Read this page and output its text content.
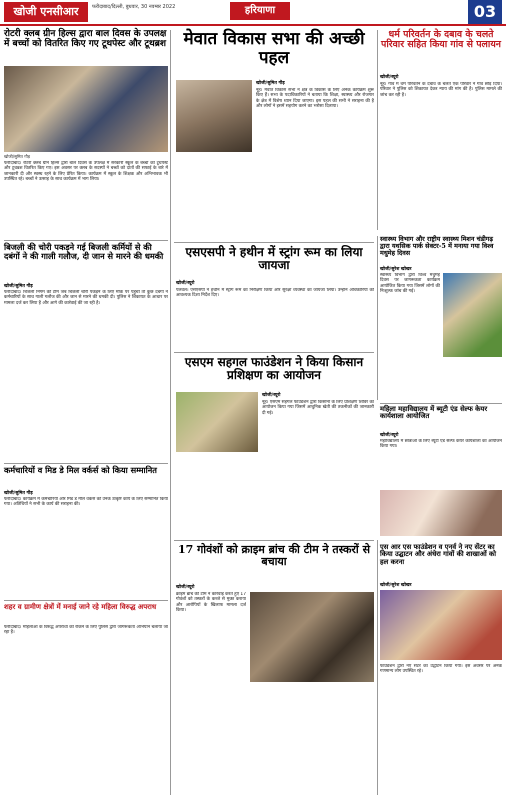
खोजी एनसीआर	फरीदाबाद/दिल्ली, बुधवार, 30 नवम्बर 2022	हरियाणा	03
रोटरी क्लब ग्रीन हिल्स द्वारा बाल दिवस के उपलक्ष में बच्चों को वितरित किए गए टूथपेस्ट और टूथब्रश
खोजी/सुमित गौड़
फरीदाबाद। रोटरी क्लब ग्रीन हिल्स द्वारा बाल दिवस के उपलक्ष में सरकारी स्कूल के बच्चों को टूथपेस्ट और टूथब्रश वितरित किए गए। इस अवसर पर क्लब के सदस्यों ने बच्चों को दांतों की सफाई के बारे में जानकारी दी और स्वस्थ रहने के लिए प्रेरित किया। कार्यक्रम में स्कूल के शिक्षक और अभिभावक भी उपस्थित रहे। बच्चों ने उत्साह के साथ कार्यक्रम में भाग लिया।
बिजली की चोरी पकड़ने गई बिजली कर्मियों से की दबंगों ने की गाली गलौज, दी जान से मारने की धमकी
खोजी/सुमित गौड़
फरीदाबाद। बिजली निगम की टीम जब बिजली चोरी पकड़ने के लिए मौके पर पहुंची तो कुछ दबंगों ने कर्मचारियों के साथ गाली गलौज की और जान से मारने की धमकी दी। पुलिस ने शिकायत के आधार पर मामला दर्ज कर लिया है और आगे की कार्रवाई की जा रही है।
कर्मचारियों व मिड डे मिल वर्कर्स को किया सम्मानित
खोजी/सुमित गौड़
फरीदाबाद। कार्यक्रम में कर्मचारियों और मिड डे मील वर्कर्स को उनके उत्कृष्ट कार्य के लिए सम्मानित किया गया। अतिथियों ने सभी के कार्य की सराहना की।
शहर व ग्रामीण क्षेत्रों में मनाई जाने रहे महिला विरुद्ध अपराध
फरीदाबाद। महिलाओं के विरुद्ध अपराधों को रोकने के लिए पुलिस द्वारा जागरूकता अभियान चलाया जा रहा है।
मेवात विकास सभा की अच्छी पहल
खोजी/सुमित गौड़
नूंह। मेवात विकास सभा ने क्षेत्र के विकास के लिए अनेक कार्यक्रम शुरू किए हैं। सभा के पदाधिकारियों ने बताया कि शिक्षा, स्वास्थ्य और रोजगार के क्षेत्र में विशेष ध्यान दिया जाएगा। इस पहल की सभी ने सराहना की है और लोगों ने इसमें सहयोग करने का भरोसा दिलाया।
धर्म परिवर्तन के दबाव के चलते परिवार सहित किया गांव से पलायन
खोजी/ब्यूरो
नूंह। गांव में धर्म परिवर्तन के दबाव के चलते एक परिवार ने गांव छोड़ दिया। परिवार ने पुलिस को शिकायत देकर न्याय की मांग की है। पुलिस मामले की जांच कर रही है।
एसएसपी ने हथीन में स्ट्रांग रूम का लिया जायजा
खोजी/ब्यूरो
पलवल। एसएसपी ने हथीन में स्ट्रांग रूम का निरीक्षण किया और सुरक्षा व्यवस्था का जायजा लिया। उन्होंने अधिकारियों को आवश्यक दिशा निर्देश दिए।
स्वास्थ्य विभाग और राष्ट्रीय स्वास्थ्य मिशन चंडीगढ़ द्वारा यथसिक पार्क सेक्टर-5 में मनाया गया विश्व मधुमेह दिवस
खोजी/सुरेश खोखर
स्वास्थ्य विभाग द्वारा विश्व मधुमेह दिवस पर जागरूकता कार्यक्रम आयोजित किया गया जिसमें लोगों की निःशुल्क जांच की गई।
एसएम सहगल फाउंडेशन ने किया किसान प्रशिक्षण का आयोजन
खोजी/ब्यूरो
नूंह। एसएम सहगल फाउंडेशन द्वारा किसानों के लिए प्रशिक्षण शिविर का आयोजन किया गया जिसमें आधुनिक खेती की तकनीकों की जानकारी दी गई।
महिला महाविद्यालय में ब्यूटी एंड सेल्फ केयर कार्यशाला आयोजित
खोजी/ब्यूरो
महाविद्यालय में छात्राओं के लिए ब्यूटी एंड सेल्फ केयर कार्यशाला का आयोजन किया गया।
17 गोवंशों को क्राइम ब्रांच की टीम ने तस्करों से बचाया
खोजी/ब्यूरो
क्राइम ब्रांच की टीम ने कार्रवाई करते हुए 17 गोवंशों को तस्करों के कब्जे से मुक्त कराया और आरोपियों के खिलाफ मामला दर्ज किया।
एस आर एस फाउंडेशन व एनर्व ने नए सेंटर का किया उद्घाटन और अंधेरा गांवों की शाखाओं को हल करना
खोजी/सुरेश खोखर
फाउंडेशन द्वारा नए सेंटर का उद्घाटन किया गया। इस अवसर पर अनेक गणमान्य लोग उपस्थित रहे।
